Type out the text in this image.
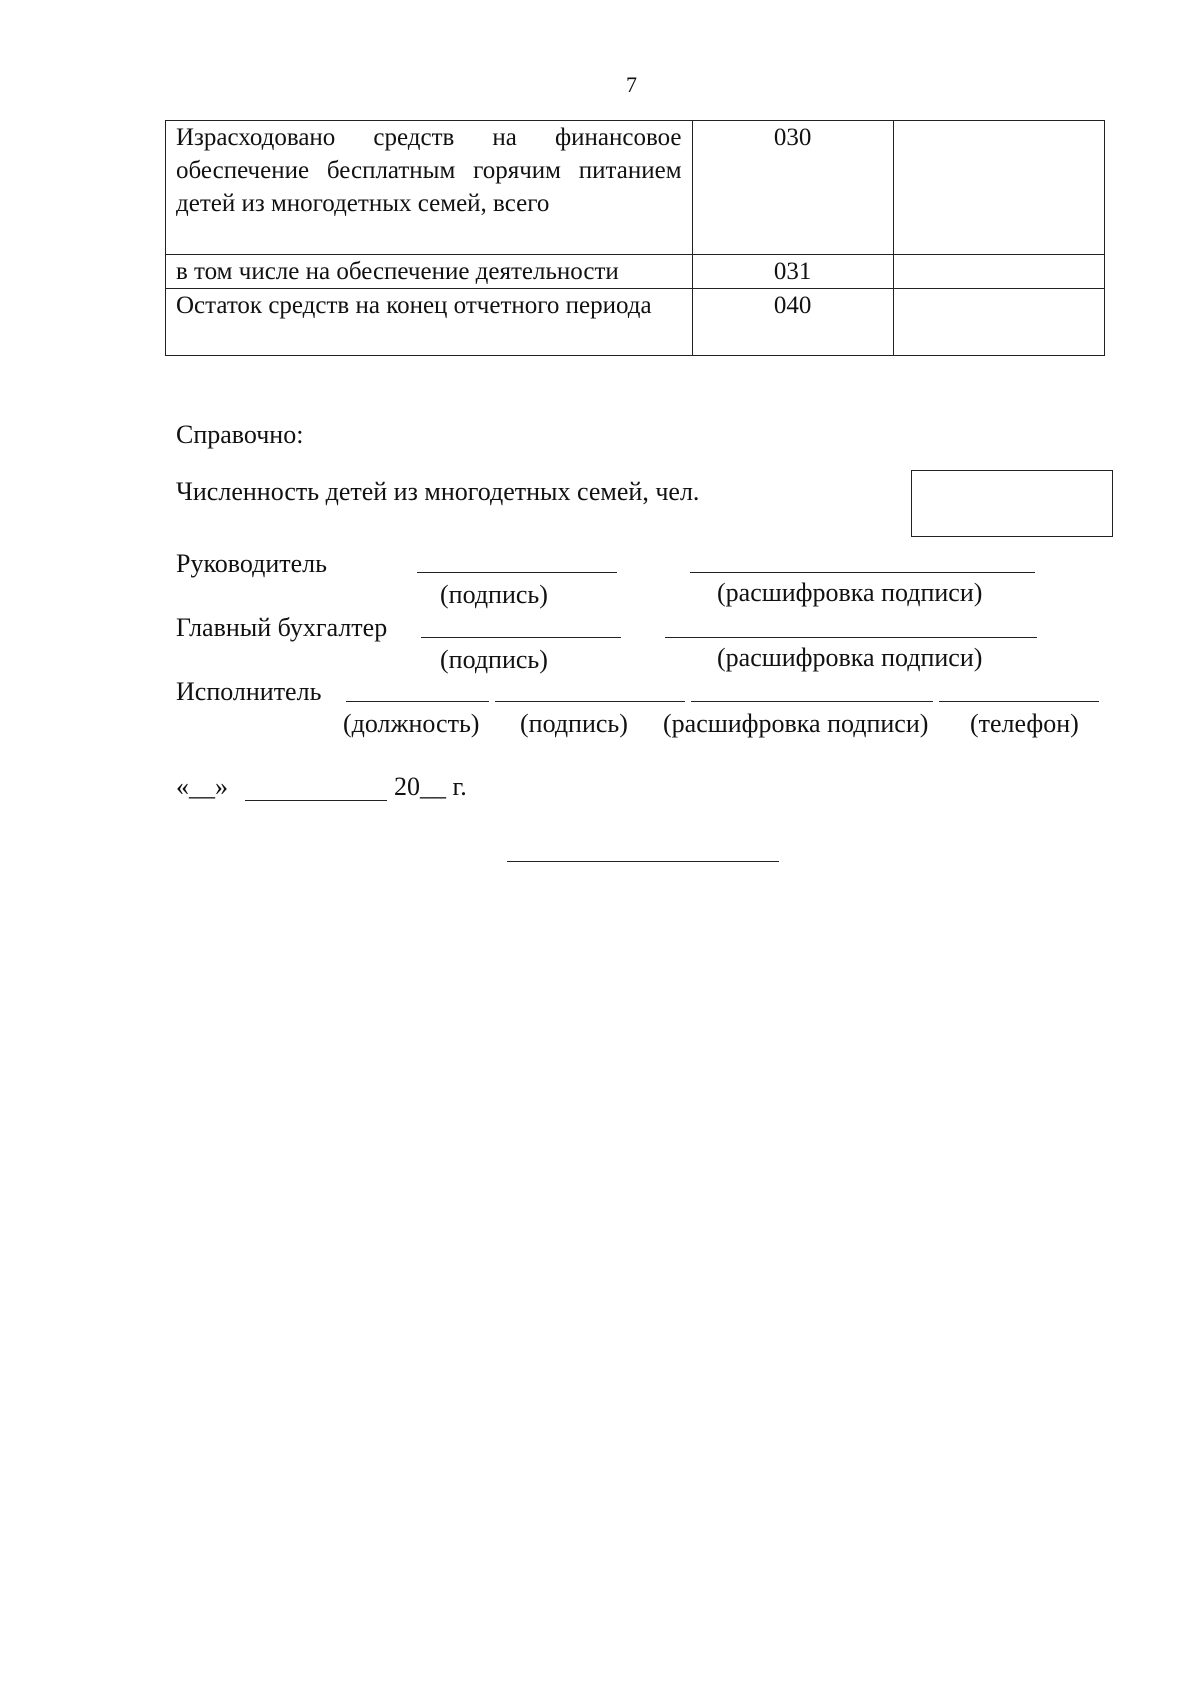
7
Израсходовано средств на финансовое обеспечение бесплатным горячим питанием детей из многодетных семей, всего	030	
в том числе на обеспечение деятельности	031	
Остаток средств на конец отчетного периода	040	
Справочно:
Численность детей из многодетных семей, чел.
Руководитель
(подпись)	(расшифровка подписи)
Главный бухгалтер
(подпись)	(расшифровка подписи)
Исполнитель
(должность) (подпись) (расшифровка подписи) (телефон)
«__»	20__ г.
